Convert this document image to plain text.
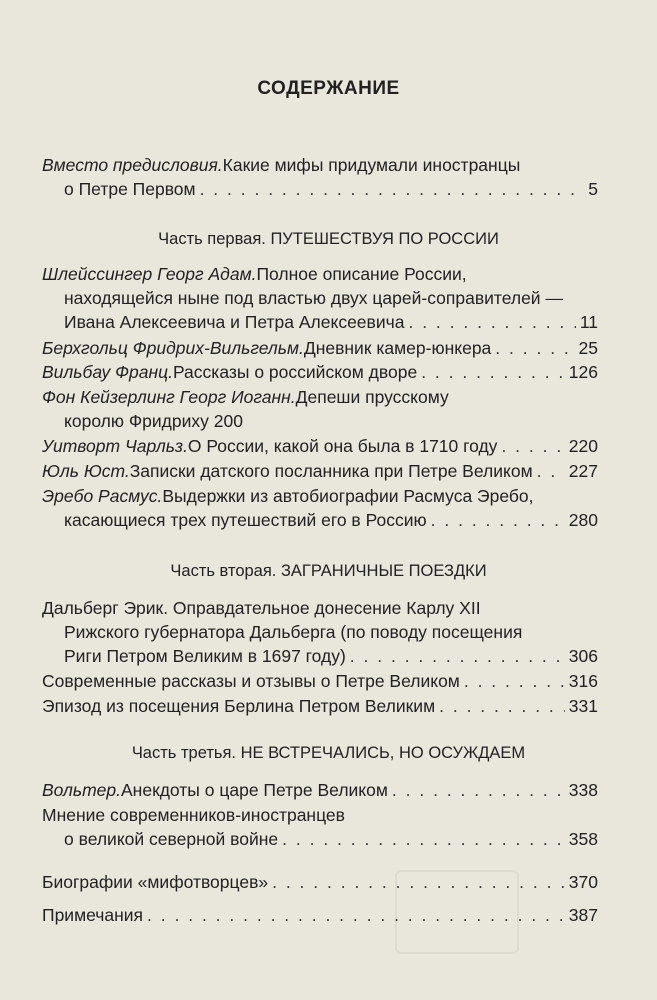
СОДЕРЖАНИЕ
Вместо предисловия. Какие мифы придумали иностранцы
о Петре Первом . . .	5
Часть первая. ПУТЕШЕСТВУЯ ПО РОССИИ
Шлейссингер Георг Адам. Полное описание России,
находящейся ныне под властью двух царей-соправителей —
Ивана Алексеевича и Петра Алексеевича . . .	11
Берхгольц Фридрих-Вильгельм. Дневник камер-юнкера . . .	25
Вильбау Франц. Рассказы о российском дворе . . .	126
Фон Кейзерлинг Георг Иоганн. Депеши прусскому
королю Фридриху 200
Уитворт Чарльз. О России, какой она была в 1710 году . . .	220
Юль Юст. Записки датского посланника при Петре Великом . . . 227
Эребо Расмус. Выдержки из автобиографии Расмуса Эребо,
касающиеся трех путешествий его в Россию . . .	280
Часть вторая. ЗАГРАНИЧНЫЕ ПОЕЗДКИ
Дальберг Эрик. Оправдательное донесение Карлу XII
Рижского губернатора Дальберга (по поводу посещения
Риги Петром Великим в 1697 году) . . .	306
Современные рассказы и отзывы о Петре Великом . . .	316
Эпизод из посещения Берлина Петром Великим . . .	331
Часть третья. НЕ ВСТРЕЧАЛИСЬ, НО ОСУЖДАЕМ
Вольтер. Анекдоты о царе Петре Великом . . .	338
Мнение современников-иностранцев
о великой северной войне . . .	358
Биографии «мифотворцев» . . .	370
Примечания . . .	387
